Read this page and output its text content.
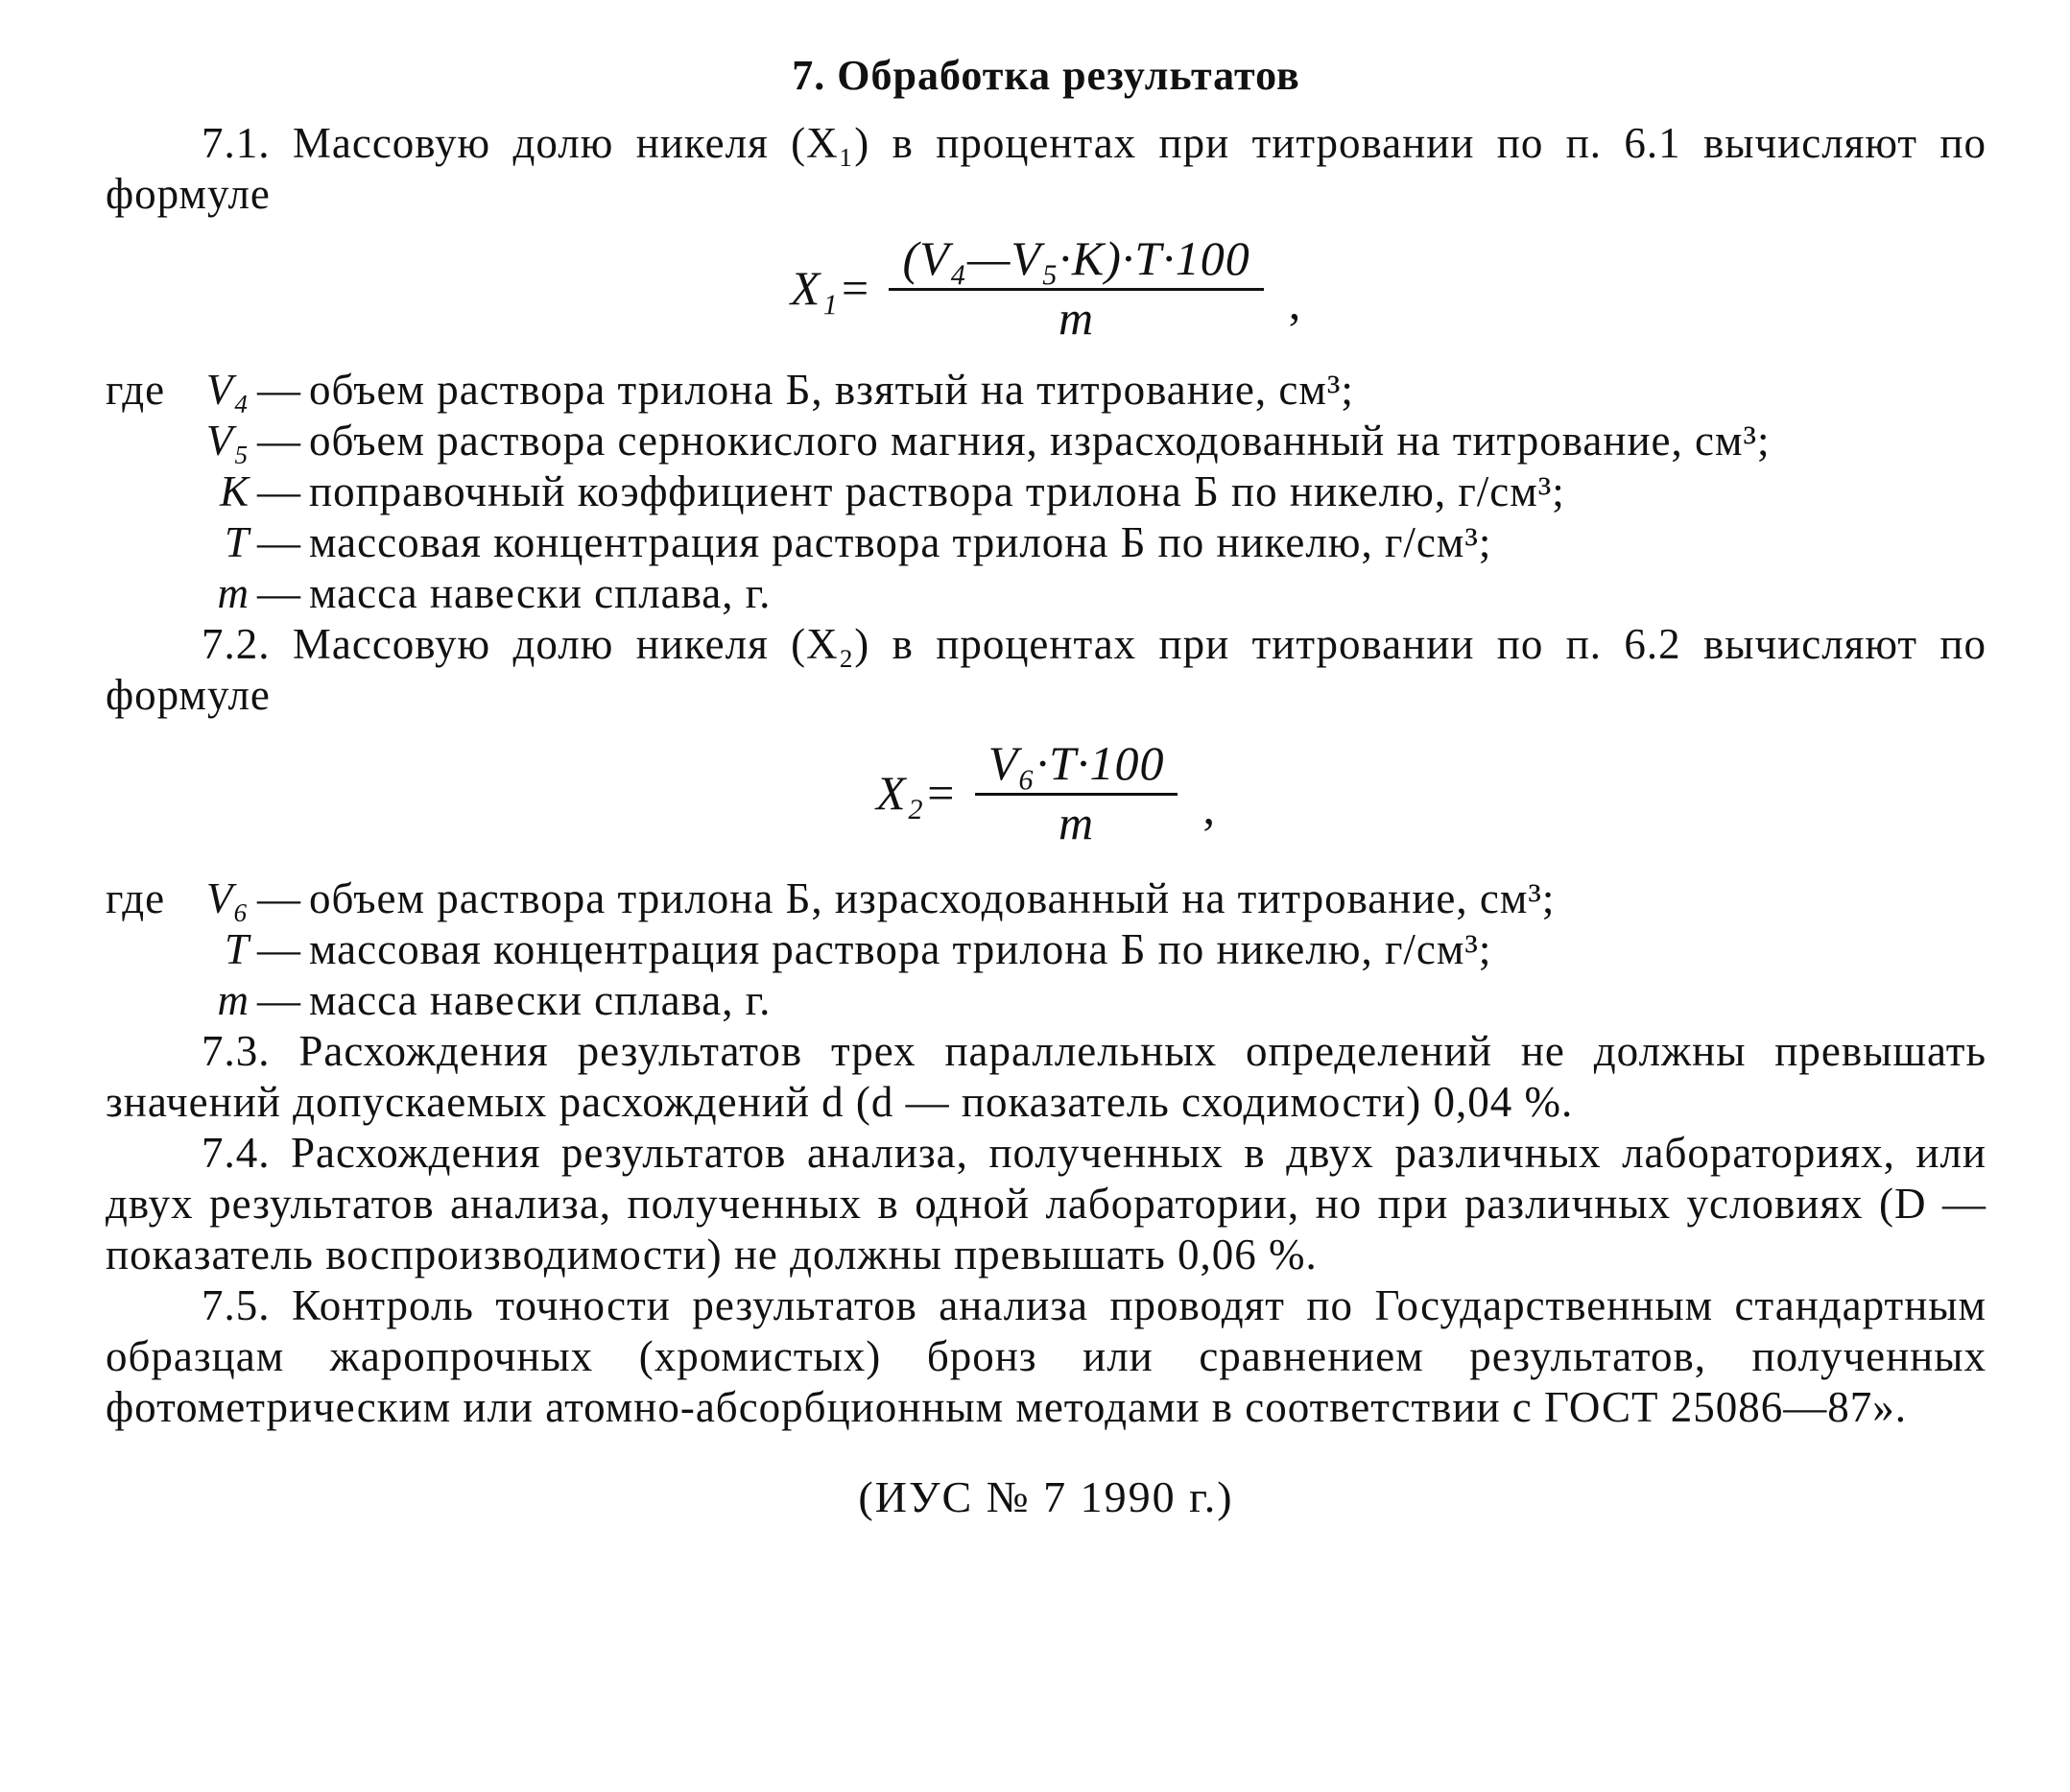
7. Обработка результатов

7.1. Массовую долю никеля (X₁) в процентах при титровании по п. 6.1 вычисляют по формуле

$X_1= \frac{\text{(V₄—V₅·K)·T·100}}{m}$ ,
где V₄ — объем раствора трилона Б, взятый на титрование, см³;
V₅ — объем раствора сернокислого магния, израсходованный на титрование, см³;
K — поправочный коэффициент раствора трилона Б по никелю, г/см³;
T — массовая концентрация раствора трилона Б по никелю, г/см³;
m — масса навески сплава, г.

7.2. Массовую долю никеля (X₂) в процентах при титровании по п. 6.2 вычисляют по формуле

$X_2= \frac{\text{V₆·T·100}}{m}$ ,
где V₆ — объем раствора трилона Б, израсходованный на титрование, см³;
T — массовая концентрация раствора трилона Б по никелю, г/см³;
m — масса навески сплава, г.

7.3. Расхождения результатов трех параллельных определений не должны превышать значений допускаемых расхождений d (d — показатель сходимости) 0,04 %.

7.4. Расхождения результатов анализа, полученных в двух различных лабораториях, или двух результатов анализа, полученных в одной лаборатории, но при различных условиях (D — показатель воспроизводимости) не должны превышать 0,06 %.

7.5. Контроль точности результатов анализа проводят по Государственным стандартным образцам жаропрочных (хромистых) бронз или сравнением результатов, полученных фотометрическим или атомно-абсорбционным методами в соответствии с ГОСТ 25086—87».

(ИУС № 7 1990 г.)
